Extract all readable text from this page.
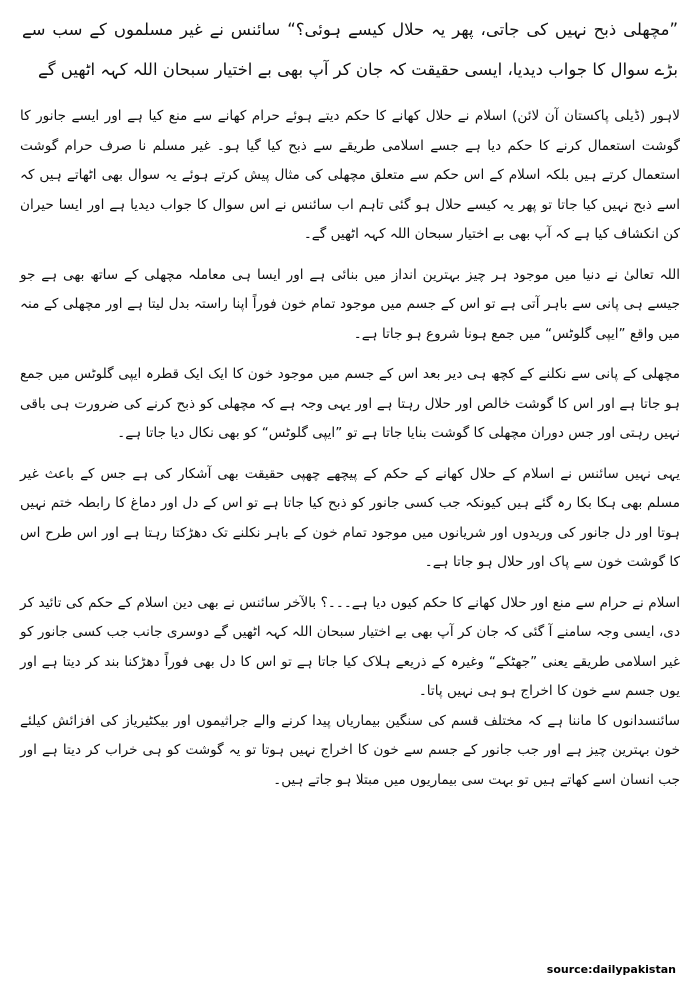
”مچھلی ذبح نہیں کی جاتی، پھر یہ حلال کیسے ہوئی؟“ سائنس نے غیر مسلموں کے سب سے بڑے سوال کا جواب دیدیا، ایسی حقیقت کہ جان کر آپ بھی بے اختیار سبحان اللہ کہہ اٹھیں گے

لاہور (ڈیلی پاکستان آن لائن) اسلام نے حلال کھانے کا حکم دیتے ہوئے حرام کھانے سے منع کیا ہے اور ایسے جانور کا گوشت استعمال کرنے کا حکم دیا ہے جسے اسلامی طریقے سے ذبح کیا گیا ہو۔ غیر مسلم نا صرف حرام گوشت استعمال کرتے ہیں بلکہ اسلام کے اس حکم سے متعلق مچھلی کی مثال پیش کرتے ہوئے یہ سوال بھی اٹھاتے ہیں کہ اسے ذبح نہیں کیا جاتا تو پھر یہ کیسے حلال ہو گئی تاہم اب سائنس نے اس سوال کا جواب دیدیا ہے اور ایسا حیران کن انکشاف کیا ہے کہ آپ بھی بے اختیار سبحان اللہ کہہ اٹھیں گے۔

اللہ تعالیٰ نے دنیا میں موجود ہر چیز بہترین انداز میں بنائی ہے اور ایسا ہی معاملہ مچھلی کے ساتھ بھی ہے جو جیسے ہی پانی سے باہر آتی ہے تو اس کے جسم میں موجود تمام خون فوراً اپنا راستہ بدل لیتا ہے اور مچھلی کے منہ میں واقع ”ایپی گلوٹس“ میں جمع ہونا شروع ہو جاتا ہے۔

مچھلی کے پانی سے نکلنے کے کچھ ہی دیر بعد اس کے جسم میں موجود خون کا ایک ایک قطرہ ایپی گلوٹس میں جمع ہو جاتا ہے اور اس کا گوشت خالص اور حلال رہتا ہے اور یہی وجہ ہے کہ مچھلی کو ذبح کرنے کی ضرورت ہی باقی نہیں رہتی اور جس دوران مچھلی کا گوشت بنایا جاتا ہے تو ”ایپی گلوٹس“ کو بھی نکال دیا جاتا ہے۔

یہی نہیں سائنس نے اسلام کے حلال کھانے کے حکم کے پیچھے چھپی حقیقت بھی آشکار کی ہے جس کے باعث غیر مسلم بھی ہکا بکا رہ گئے ہیں کیونکہ جب کسی جانور کو ذبح کیا جاتا ہے تو اس کے دل اور دماغ کا رابطہ ختم نہیں ہوتا اور دل جانور کی وریدوں اور شریانوں میں موجود تمام خون کے باہر نکلنے تک دھڑکتا رہتا ہے اور اس طرح اس کا گوشت خون سے پاک اور حلال ہو جاتا ہے۔

اسلام نے حرام سے منع اور حلال کھانے کا حکم کیوں دیا ہے۔۔۔؟ بالآخر سائنس نے بھی دین اسلام کے حکم کی تائید کر دی، ایسی وجہ سامنے آ گئی کہ جان کر آپ بھی بے اختیار سبحان اللہ کہہ اٹھیں گے دوسری جانب جب کسی جانور کو غیر اسلامی طریقے یعنی ”جھٹکے“ وغیرہ کے ذریعے ہلاک کیا جاتا ہے تو اس کا دل بھی فوراً دھڑکنا بند کر دیتا ہے اور یوں جسم سے خون کا اخراج ہو ہی نہیں پاتا۔

سائنسدانوں کا ماننا ہے کہ مختلف قسم کی سنگین بیماریاں پیدا کرنے والے جراثیموں اور بیکٹیریاز کی افزائش کیلئے خون بہترین چیز ہے اور جب جانور کے جسم سے خون کا اخراج نہیں ہوتا تو یہ گوشت کو ہی خراب کر دیتا ہے اور جب انسان اسے کھاتے ہیں تو بہت سی بیماریوں میں مبتلا ہو جاتے ہیں۔

source:dailypakistan
